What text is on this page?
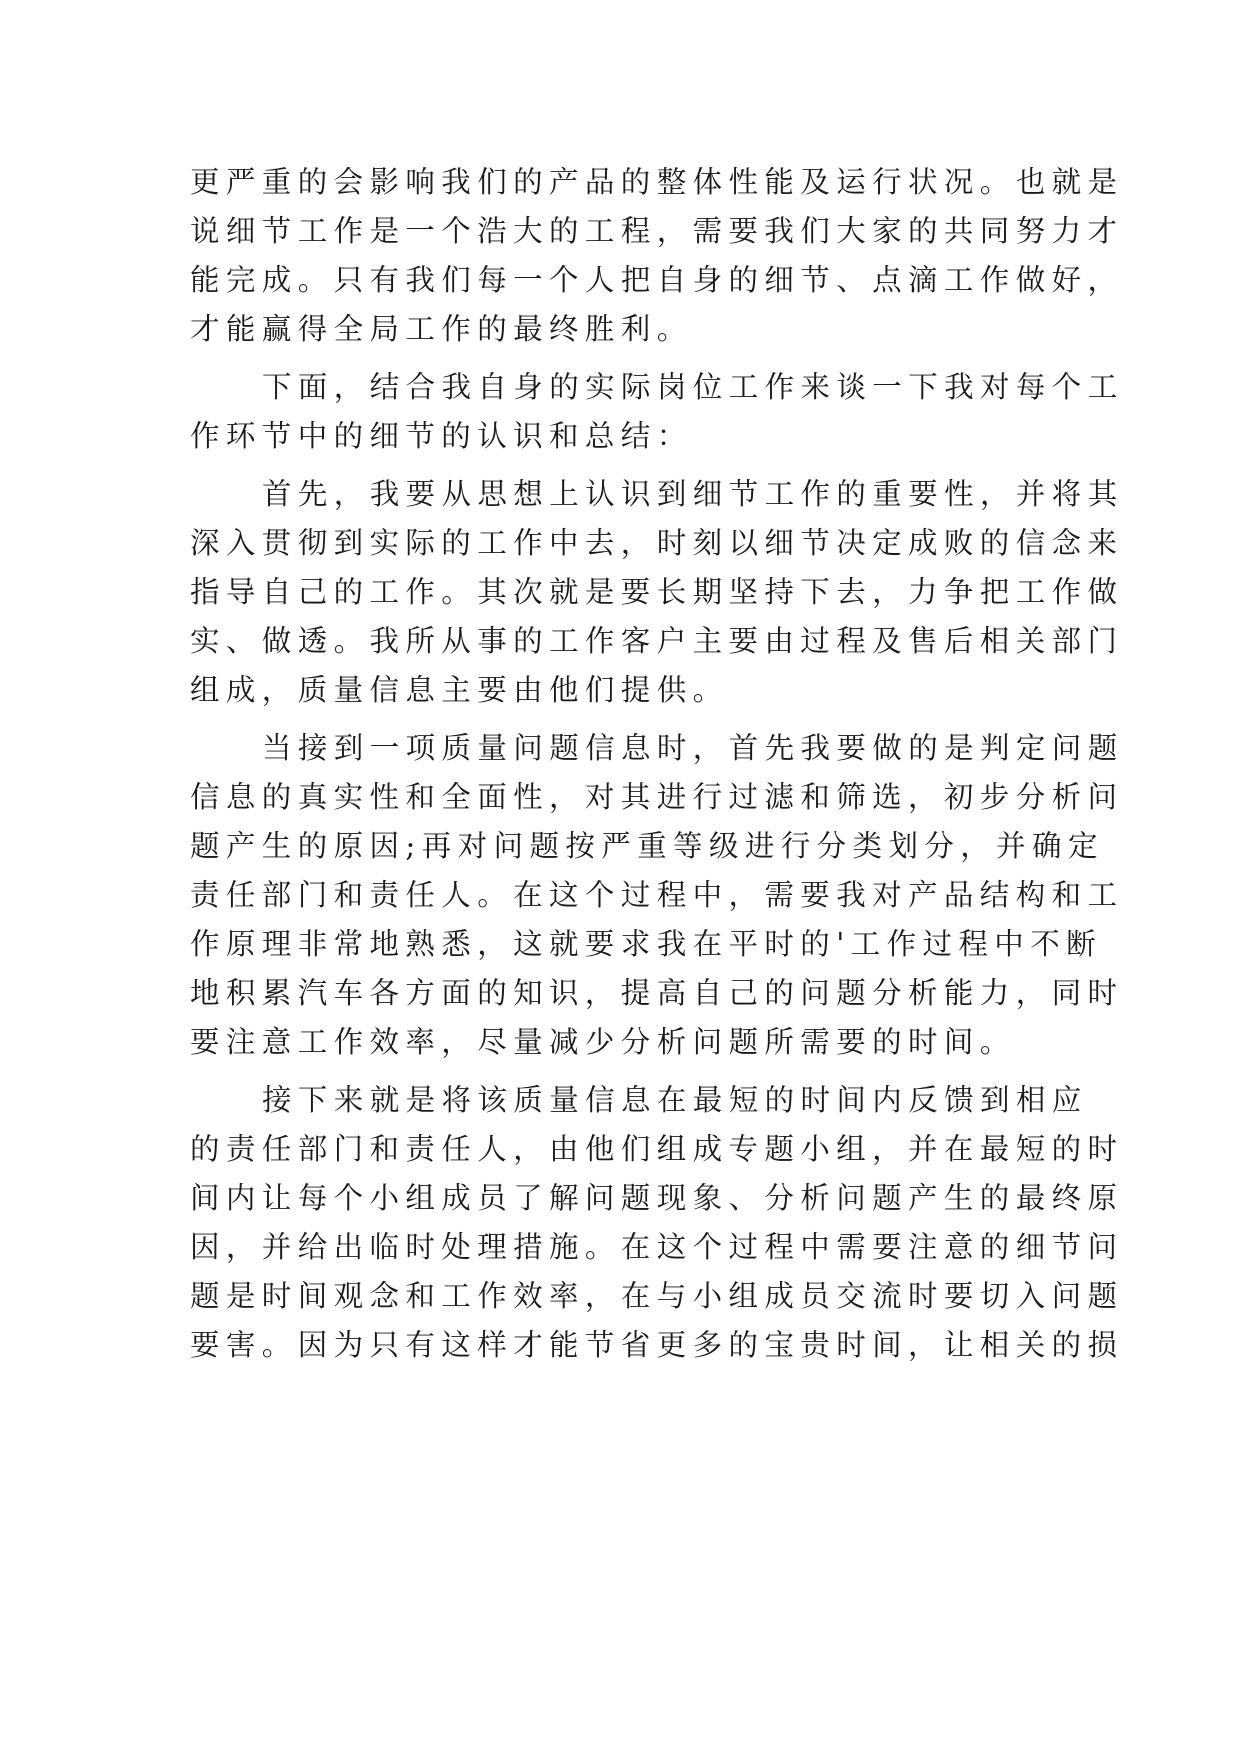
更严重的会影响我们的产品的整体性能及运行状况。也就是
说细节工作是一个浩大的工程，需要我们大家的共同努力才
能完成。只有我们每一个人把自身的细节、点滴工作做好，
才能赢得全局工作的最终胜利。
下面，结合我自身的实际岗位工作来谈一下我对每个工
作环节中的细节的认识和总结：
首先，我要从思想上认识到细节工作的重要性，并将其
深入贯彻到实际的工作中去，时刻以细节决定成败的信念来
指导自己的工作。其次就是要长期坚持下去，力争把工作做
实、做透。我所从事的工作客户主要由过程及售后相关部门
组成，质量信息主要由他们提供。
当接到一项质量问题信息时，首先我要做的是判定问题
信息的真实性和全面性，对其进行过滤和筛选，初步分析问
题产生的原因;再对问题按严重等级进行分类划分，并确定
责任部门和责任人。在这个过程中，需要我对产品结构和工
作原理非常地熟悉，这就要求我在平时的'工作过程中不断
地积累汽车各方面的知识，提高自己的问题分析能力，同时
要注意工作效率，尽量减少分析问题所需要的时间。
接下来就是将该质量信息在最短的时间内反馈到相应
的责任部门和责任人，由他们组成专题小组，并在最短的时
间内让每个小组成员了解问题现象、分析问题产生的最终原
因，并给出临时处理措施。在这个过程中需要注意的细节问
题是时间观念和工作效率，在与小组成员交流时要切入问题
要害。因为只有这样才能节省更多的宝贵时间，让相关的损
